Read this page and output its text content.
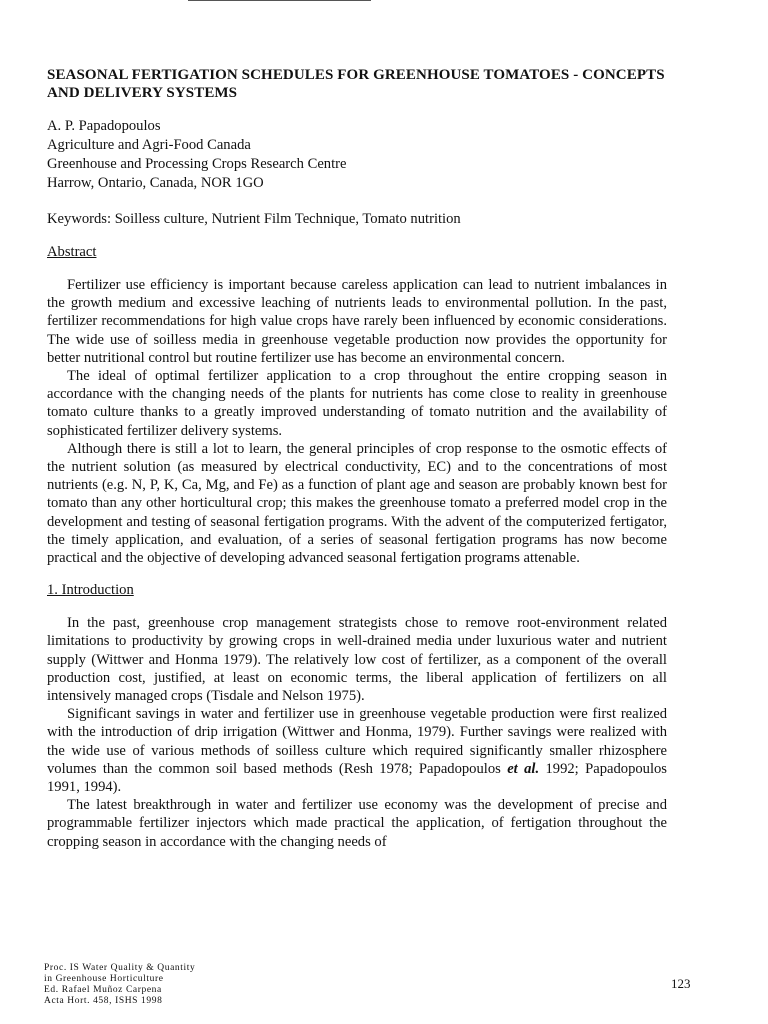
SEASONAL FERTIGATION SCHEDULES FOR GREENHOUSE TOMATOES - CONCEPTS AND DELIVERY SYSTEMS
A. P. Papadopoulos
Agriculture and Agri-Food Canada
Greenhouse and Processing Crops Research Centre
Harrow, Ontario, Canada, NOR 1GO
Keywords: Soilless culture, Nutrient Film Technique, Tomato nutrition
Abstract

Fertilizer use efficiency is important because careless application can lead to nutrient imbalances in the growth medium and excessive leaching of nutrients leads to environmental pollution. In the past, fertilizer recommendations for high value crops have rarely been influenced by economic considerations. The wide use of soilless media in greenhouse vegetable production now provides the opportunity for better nutritional control but routine fertilizer use has become an environmental concern.

The ideal of optimal fertilizer application to a crop throughout the entire cropping season in accordance with the changing needs of the plants for nutrients has come close to reality in greenhouse tomato culture thanks to a greatly improved understanding of tomato nutrition and the availability of sophisticated fertilizer delivery systems.

Although there is still a lot to learn, the general principles of crop response to the osmotic effects of the nutrient solution (as measured by electrical conductivity, EC) and to the concentrations of most nutrients (e.g. N, P, K, Ca, Mg, and Fe) as a function of plant age and season are probably known best for tomato than any other horticultural crop; this makes the greenhouse tomato a preferred model crop in the development and testing of seasonal fertigation programs. With the advent of the computerized fertigator, the timely application, and evaluation, of a series of seasonal fertigation programs has now become practical and the objective of developing advanced seasonal fertigation programs attenable.

1. Introduction

In the past, greenhouse crop management strategists chose to remove root-environment related limitations to productivity by growing crops in well-drained media under luxurious water and nutrient supply (Wittwer and Honma 1979). The relatively low cost of fertilizer, as a component of the overall production cost, justified, at least on economic terms, the liberal application of fertilizers on all intensively managed crops (Tisdale and Nelson 1975).

Significant savings in water and fertilizer use in greenhouse vegetable production were first realized with the introduction of drip irrigation (Wittwer and Honma, 1979). Further savings were realized with the wide use of various methods of soilless culture which required significantly smaller rhizosphere volumes than the common soil based methods (Resh 1978; Papadopoulos et al. 1992; Papadopoulos 1991, 1994).

The latest breakthrough in water and fertilizer use economy was the development of precise and programmable fertilizer injectors which made practical the application, of fertigation throughout the cropping season in accordance with the changing needs of

Proc. IS Water Quality & Quantity
in Greenhouse Horticulture
Ed. Rafael Muñoz Carpena
Acta Hort. 458, ISHS 1998
123
